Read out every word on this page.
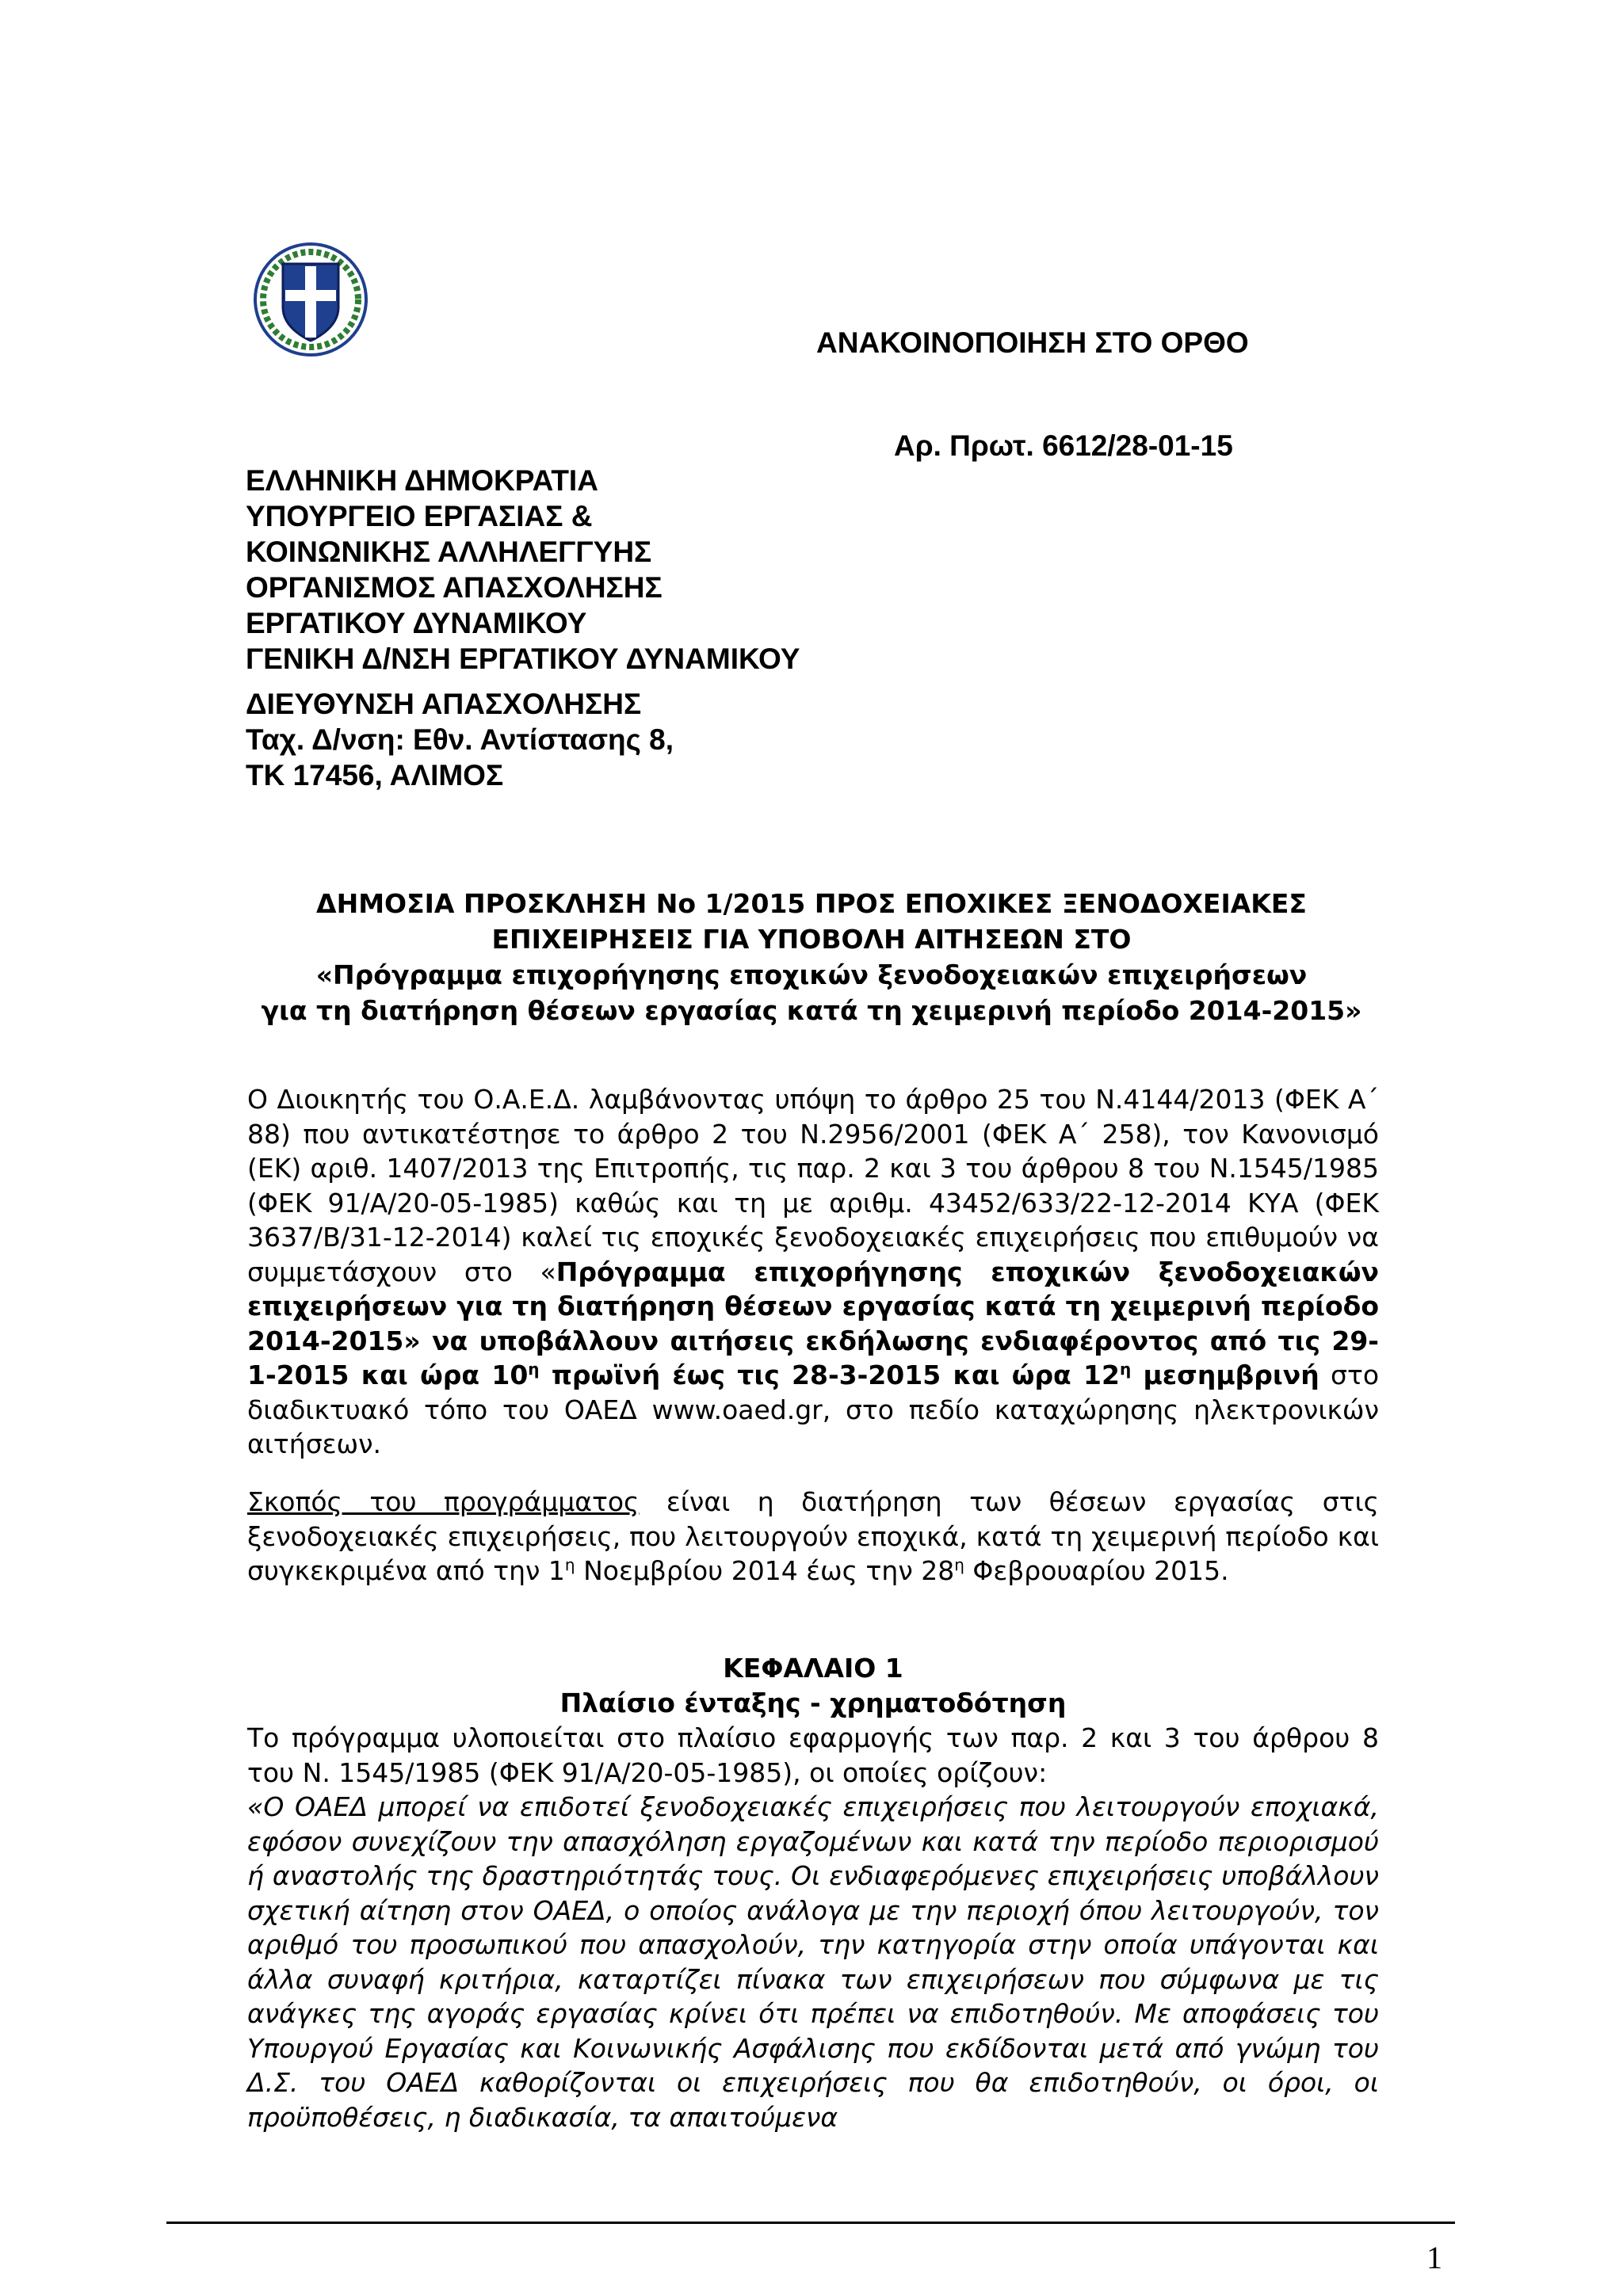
ΑΝΑΚΟΙΝΟΠΟΙΗΣΗ ΣΤΟ ΟΡΘΟ
Αρ. Πρωτ. 6612/28-01-15
ΕΛΛΗΝΙΚΗ ΔΗΜΟΚΡΑΤΙΑ
ΥΠΟΥΡΓΕΙΟ ΕΡΓΑΣΙΑΣ &
ΚΟΙΝΩΝΙΚΗΣ ΑΛΛΗΛΕΓΓΥΗΣ
ΟΡΓΑΝΙΣΜΟΣ ΑΠΑΣΧΟΛΗΣΗΣ
ΕΡΓΑΤΙΚΟΥ ΔΥΝΑΜΙΚΟΥ
ΓΕΝΙΚΗ Δ/ΝΣΗ ΕΡΓΑΤΙΚΟΥ ΔΥΝΑΜΙΚΟΥ
ΔΙΕΥΘΥΝΣΗ ΑΠΑΣΧΟΛΗΣΗΣ
Ταχ. Δ/νση: Εθν. Αντίστασης 8,
ΤΚ 17456, ΑΛΙΜΟΣ
ΔΗΜΟΣΙΑ ΠΡΟΣΚΛΗΣΗ Νο 1/2015 ΠΡΟΣ ΕΠΟΧΙΚΕΣ ΞΕΝΟΔΟΧΕΙΑΚΕΣ
ΕΠΙΧΕΙΡΗΣΕΙΣ ΓΙΑ ΥΠΟΒΟΛΗ ΑΙΤΗΣΕΩΝ ΣΤΟ
«Πρόγραμμα επιχορήγησης εποχικών ξενοδοχειακών επιχειρήσεων
για τη διατήρηση θέσεων εργασίας κατά τη χειμερινή περίοδο 2014-2015»
Ο Διοικητής του Ο.Α.Ε.Δ. λαμβάνοντας υπόψη το άρθρο 25 του Ν.4144/2013 (ΦΕΚ Α΄ 88) που αντικατέστησε το άρθρο 2 του Ν.2956/2001 (ΦΕΚ Α΄ 258), τον Κανονισμό (ΕΚ) αριθ. 1407/2013 της Επιτροπής, τις παρ. 2 και 3 του άρθρου 8 του Ν.1545/1985 (ΦΕΚ 91/Α/20-05-1985) καθώς και τη με αριθμ. 43452/633/22-12-2014 ΚΥΑ (ΦΕΚ 3637/Β/31-12-2014) καλεί τις εποχικές ξενοδοχειακές επιχειρήσεις που επιθυμούν να συμμετάσχουν στο «Πρόγραμμα επιχορήγησης εποχικών ξενοδοχειακών επιχειρήσεων για τη διατήρηση θέσεων εργασίας κατά τη χειμερινή περίοδο 2014-2015» να υποβάλλουν αιτήσεις εκδήλωσης ενδιαφέροντος από τις 29-1-2015 και ώρα $10^\eta$ πρωϊνή έως τις 28-3-2015 και ώρα $12^\eta$ μεσημβρινή στο διαδικτυακό τόπο του ΟΑΕΔ www.oaed.gr, στο πεδίο καταχώρησης ηλεκτρονικών αιτήσεων.
Σκοπός του προγράμματος είναι η διατήρηση των θέσεων εργασίας στις ξενοδοχειακές επιχειρήσεις, που λειτουργούν εποχικά, κατά τη χειμερινή περίοδο και συγκεκριμένα από την $1^\eta$ Νοεμβρίου 2014 έως την $28^\eta$ Φεβρουαρίου 2015.
ΚΕΦΑΛΑΙΟ 1
Πλαίσιο ένταξης - χρηματοδότηση
Το πρόγραμμα υλοποιείται στο πλαίσιο εφαρμογής των παρ. 2 και 3 του άρθρου 8 του Ν. 1545/1985 (ΦΕΚ 91/Α/20-05-1985), οι οποίες ορίζουν:
«Ο ΟΑΕΔ μπορεί να επιδοτεί ξενοδοχειακές επιχειρήσεις που λειτουργούν εποχιακά, εφόσον συνεχίζουν την απασχόληση εργαζομένων και κατά την περίοδο περιορισμού ή αναστολής της δραστηριότητάς τους. Οι ενδιαφερόμενες επιχειρήσεις υποβάλλουν σχετική αίτηση στον ΟΑΕΔ, ο οποίος ανάλογα με την περιοχή όπου λειτουργούν, τον αριθμό του προσωπικού που απασχολούν, την κατηγορία στην οποία υπάγονται και άλλα συναφή κριτήρια, καταρτίζει πίνακα των επιχειρήσεων που σύμφωνα με τις ανάγκες της αγοράς εργασίας κρίνει ότι πρέπει να επιδοτηθούν. Με αποφάσεις του Υπουργού Εργασίας και Κοινωνικής Ασφάλισης που εκδίδονται μετά από γνώμη του Δ.Σ. του ΟΑΕΔ καθορίζονται οι επιχειρήσεις που θα επιδοτηθούν, οι όροι, οι προϋποθέσεις, η διαδικασία, τα απαιτούμενα
1
